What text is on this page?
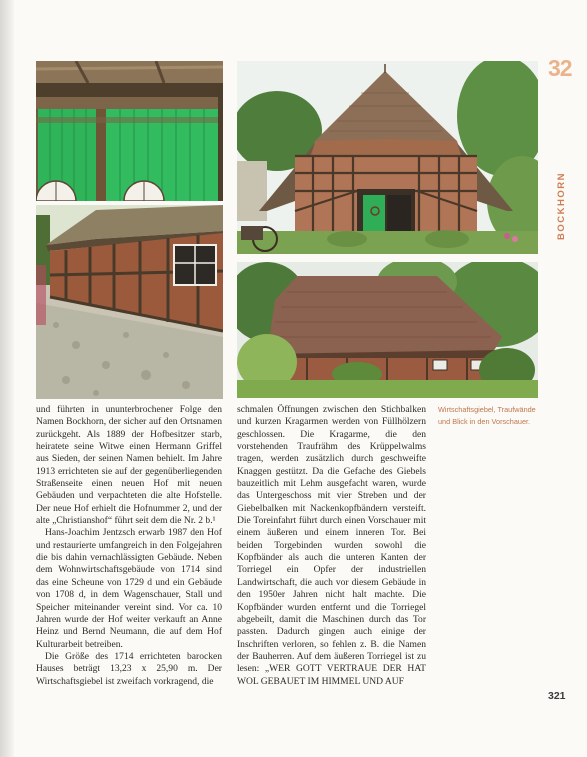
32
BOCKHORN
Wirtschaftsgiebel, Traufwände und Blick in den Vorschauer.

und führten in ununterbrochener Folge den Namen Bockhorn, der sicher auf den Ortsnamen zurückgeht. Als 1889 der Hofbesitzer starb, heiratete seine Witwe einen Hermann Griffel aus Sieden, der seinen Namen behielt. Im Jahre 1913 errichteten sie auf der gegenüberliegenden Straßenseite einen neuen Hof mit neuen Gebäuden und verpachteten die alte Hofstelle. Der neue Hof erhielt die Hofnummer 2, und der alte „Christianshof“ führt seit dem die Nr. 2 b.¹

Hans-Joachim Jentzsch erwarb 1987 den Hof und restaurierte umfangreich in den Folgejahren die bis dahin vernachlässigten Gebäude. Neben dem Wohnwirtschaftsgebäude von 1714 sind das eine Scheune von 1729 d und ein Gebäude von 1708 d, in dem Wagenschauer, Stall und Speicher miteinander vereint sind. Vor ca. 10 Jahren wurde der Hof weiter verkauft an Anne Heinz und Bernd Neumann, die auf dem Hof Kulturarbeit betreiben.

Die Größe des 1714 errichteten barocken Hauses beträgt 13,23 x 25,90 m. Der Wirtschaftsgiebel ist zweifach vorkragend, die

schmalen Öffnungen zwischen den Stichbalken und kurzen Kragarmen werden von Füllhölzern geschlossen. Die Kragarme, die den vorstehenden Traufrähm des Krüppelwalms tragen, werden zusätzlich durch geschweifte Knaggen gestützt. Da die Gefache des Giebels bauzeitlich mit Lehm ausgefacht waren, wurde das Untergeschoss mit vier Streben und der Giebelbalken mit Nackenkopfbändern versteift. Die Toreinfahrt führt durch einen Vorschauer mit einem äußeren und einem inneren Tor. Bei beiden Torgebinden wurden sowohl die Kopfbänder als auch die unteren Kanten der Torriegel ein Opfer der industriellen Landwirtschaft, die auch vor diesem Gebäude in den 1950er Jahren nicht halt machte. Die Kopfbänder wurden entfernt und die Torriegel abgebeilt, damit die Maschinen durch das Tor passten. Dadurch gingen auch einige der Inschriften verloren, so fehlen z. B. die Namen der Bauherren. Auf dem äußeren Torriegel ist zu lesen: „WER GOTT VERTRAUE DER HAT WOL GEBAUET IM HIMMEL UND AUF

321
